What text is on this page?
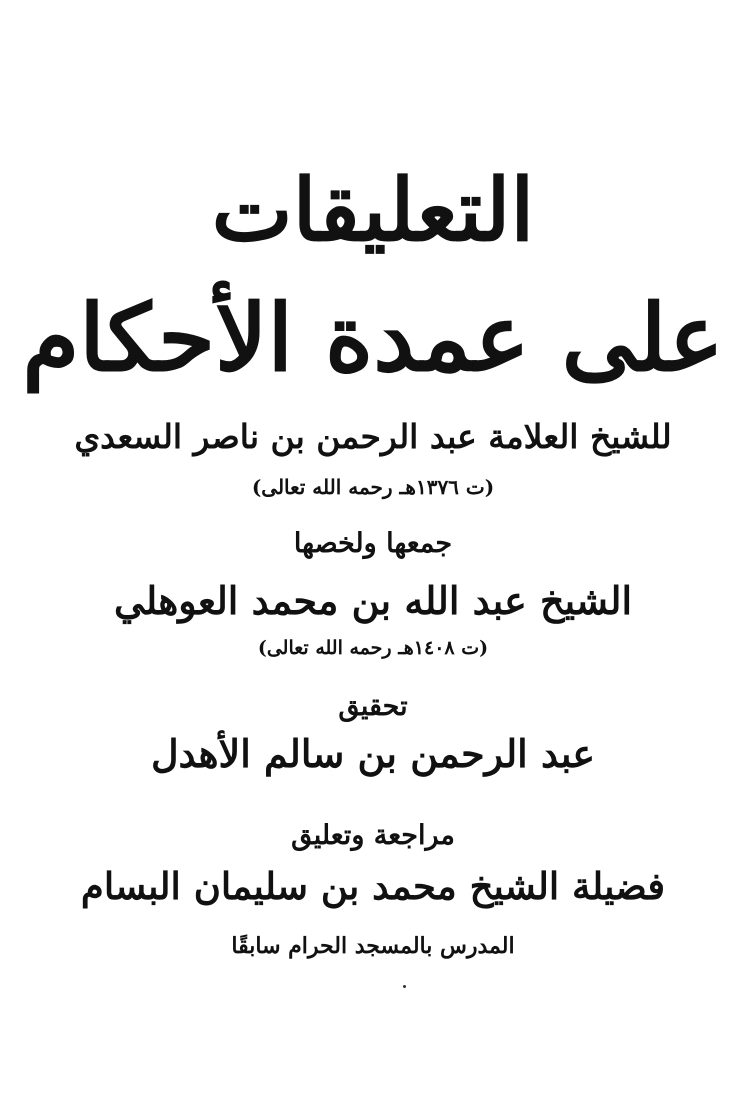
التعليقات
على عمدة الأحكام
للشيخ العلامة عبد الرحمن بن ناصر السعدي
(ت ١٣٧٦هـ رحمه الله تعالى)
جمعها ولخصها
الشيخ عبد الله بن محمد العوهلي
(ت ١٤٠٨هـ رحمه الله تعالى)
تحقيق
عبد الرحمن بن سالم الأهدل
مراجعة وتعليق
فضيلة الشيخ محمد بن سليمان البسام
المدرس بالمسجد الحرام سابقًا
